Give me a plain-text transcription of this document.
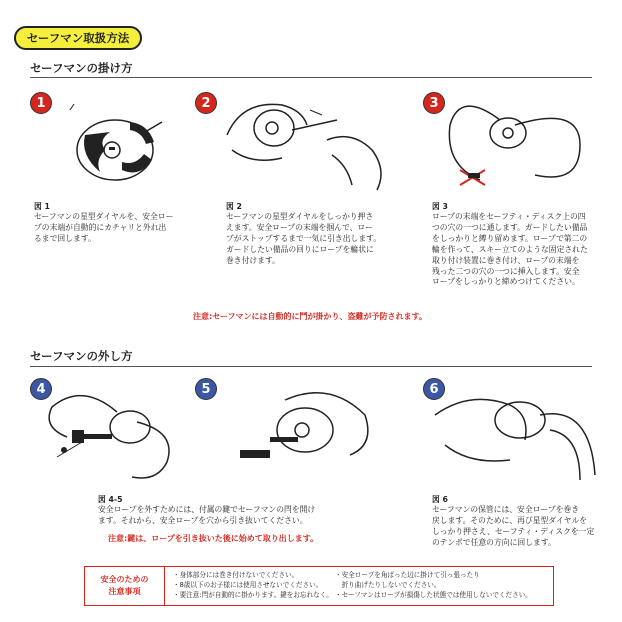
セーフマン取扱方法
セーフマンの掛け方
1
図 1
セーフマンの星型ダイヤルを、安全ロー
プの末端が自動的にカチャリと外れ出
るまで回します。
2
図 2
セーフマンの星型ダイヤルをしっかり押さ
えます。安全ロープの末端を掴んで、ロー
プがストップするまで一気に引き出します。
ガードしたい備品の回りにロープを輪状に
巻き付けます。
3
図 3
ロープの末端をセーフティ・ディスク上の四
つの穴の一つに通します。ガードしたい備品
をしっかりと縛り留めます。ロープで第二の
輪を作って、スキー立てのような固定された
取り付け装置に巻き付け、ロープの末端を
残った二つの穴の一つに挿入します。安全
ロープをしっかりと締めつけてください。
注意:セーフマンには自動的に鬥が掛かり、盗難が予防されます。
セーフマンの外し方
4	5
図 4-5
安全ロープを外すためには、付属の鍵でセーフマンの閂を開け
ます。それから、安全ロープを穴から引き抜いてください。
注意:鍵は、ロープを引き抜いた後に始めて取り出します。
6
図 6
セーフマンの保管には、安全ロープを巻き
戻します。そのために、再び星型ダイヤルを
しっかり押さえ、セーフティ・ディスクを一定
のテンポで任意の方向に回します。
安全のための
注意事項
・身体部分には巻き付けないでください。
・8歳以下のお子様には使用させないでください。
・要注意:閂が自動的に掛かります。鍵をお忘れなく。
・安全ロープを角ばった辺に掛けて引っ張ったり
　折り曲げたりしないでください。
・セーフマンはロープが損傷した状態では使用しないでください。
